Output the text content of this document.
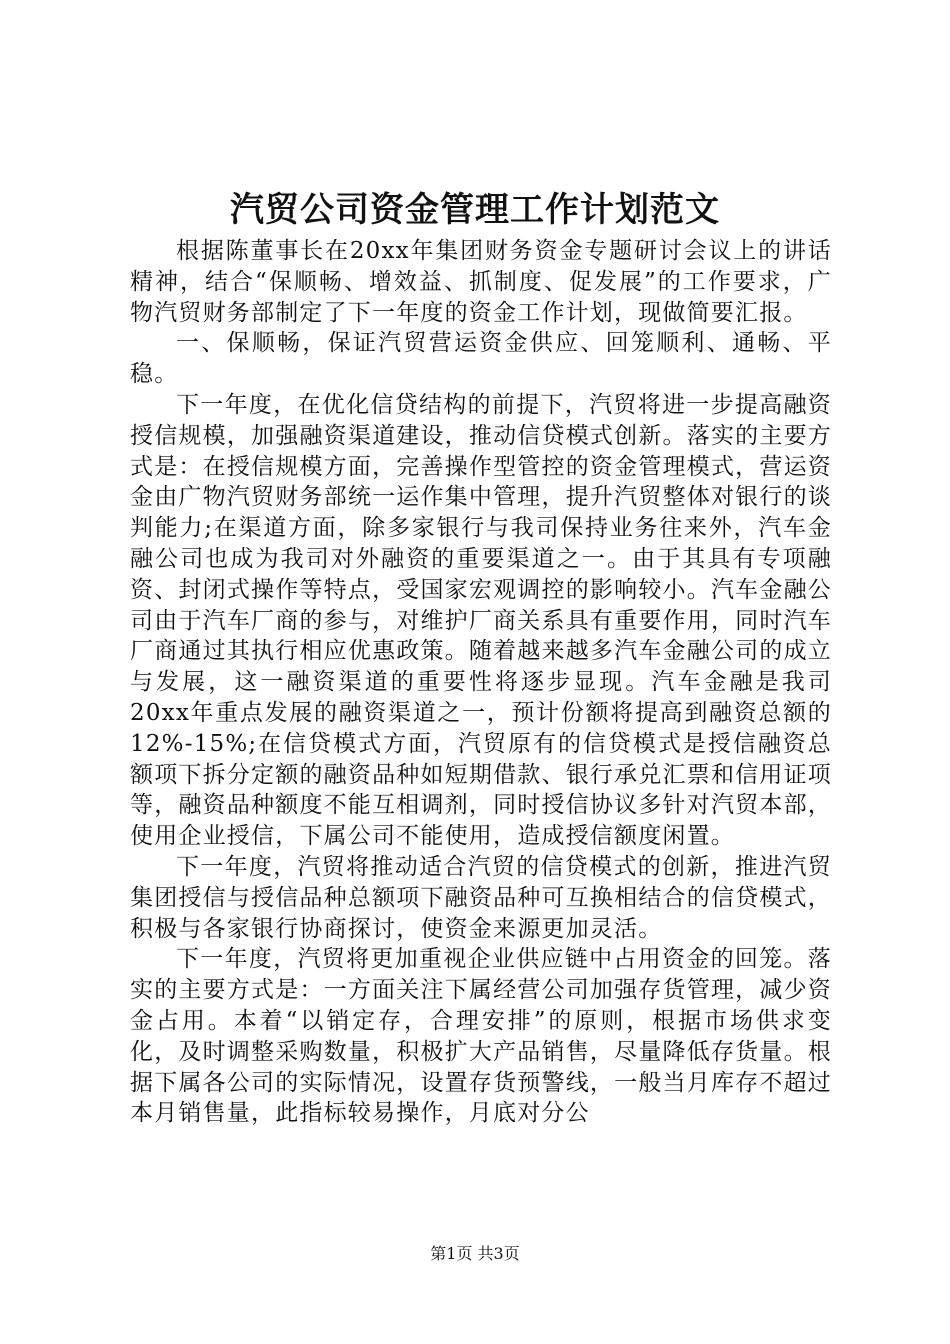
汽贸公司资金管理工作计划范文

根据陈董事长在20xx年集团财务资金专题研讨会议上的讲话精神，结合“保顺畅、增效益、抓制度、促发展”的工作要求，广物汽贸财务部制定了下一年度的资金工作计划，现做简要汇报。

一、保顺畅，保证汽贸营运资金供应、回笼顺利、通畅、平稳。

下一年度，在优化信贷结构的前提下，汽贸将进一步提高融资授信规模，加强融资渠道建设，推动信贷模式创新。落实的主要方式是：在授信规模方面，完善操作型管控的资金管理模式，营运资金由广物汽贸财务部统一运作集中管理，提升汽贸整体对银行的谈判能力;在渠道方面，除多家银行与我司保持业务往来外，汽车金融公司也成为我司对外融资的重要渠道之一。由于其具有专项融资、封闭式操作等特点，受国家宏观调控的影响较小。汽车金融公司由于汽车厂商的参与，对维护厂商关系具有重要作用，同时汽车厂商通过其执行相应优惠政策。随着越来越多汽车金融公司的成立与发展，这一融资渠道的重要性将逐步显现。汽车金融是我司20xx年重点发展的融资渠道之一，预计份额将提高到融资总额的12%-15%;在信贷模式方面，汽贸原有的信贷模式是授信融资总额项下拆分定额的融资品种如短期借款、银行承兑汇票和信用证项等，融资品种额度不能互相调剂，同时授信协议多针对汽贸本部，使用企业授信，下属公司不能使用，造成授信额度闲置。

下一年度，汽贸将推动适合汽贸的信贷模式的创新，推进汽贸集团授信与授信品种总额项下融资品种可互换相结合的信贷模式，积极与各家银行协商探讨，使资金来源更加灵活。

下一年度，汽贸将更加重视企业供应链中占用资金的回笼。落实的主要方式是：一方面关注下属经营公司加强存货管理，减少资金占用。本着“以销定存，合理安排”的原则，根据市场供求变化，及时调整采购数量，积极扩大产品销售，尽量降低存货量。根据下属各公司的实际情况，设置存货预警线，一般当月库存不超过本月销售量，此指标较易操作，月底对分公

第1页 共3页
